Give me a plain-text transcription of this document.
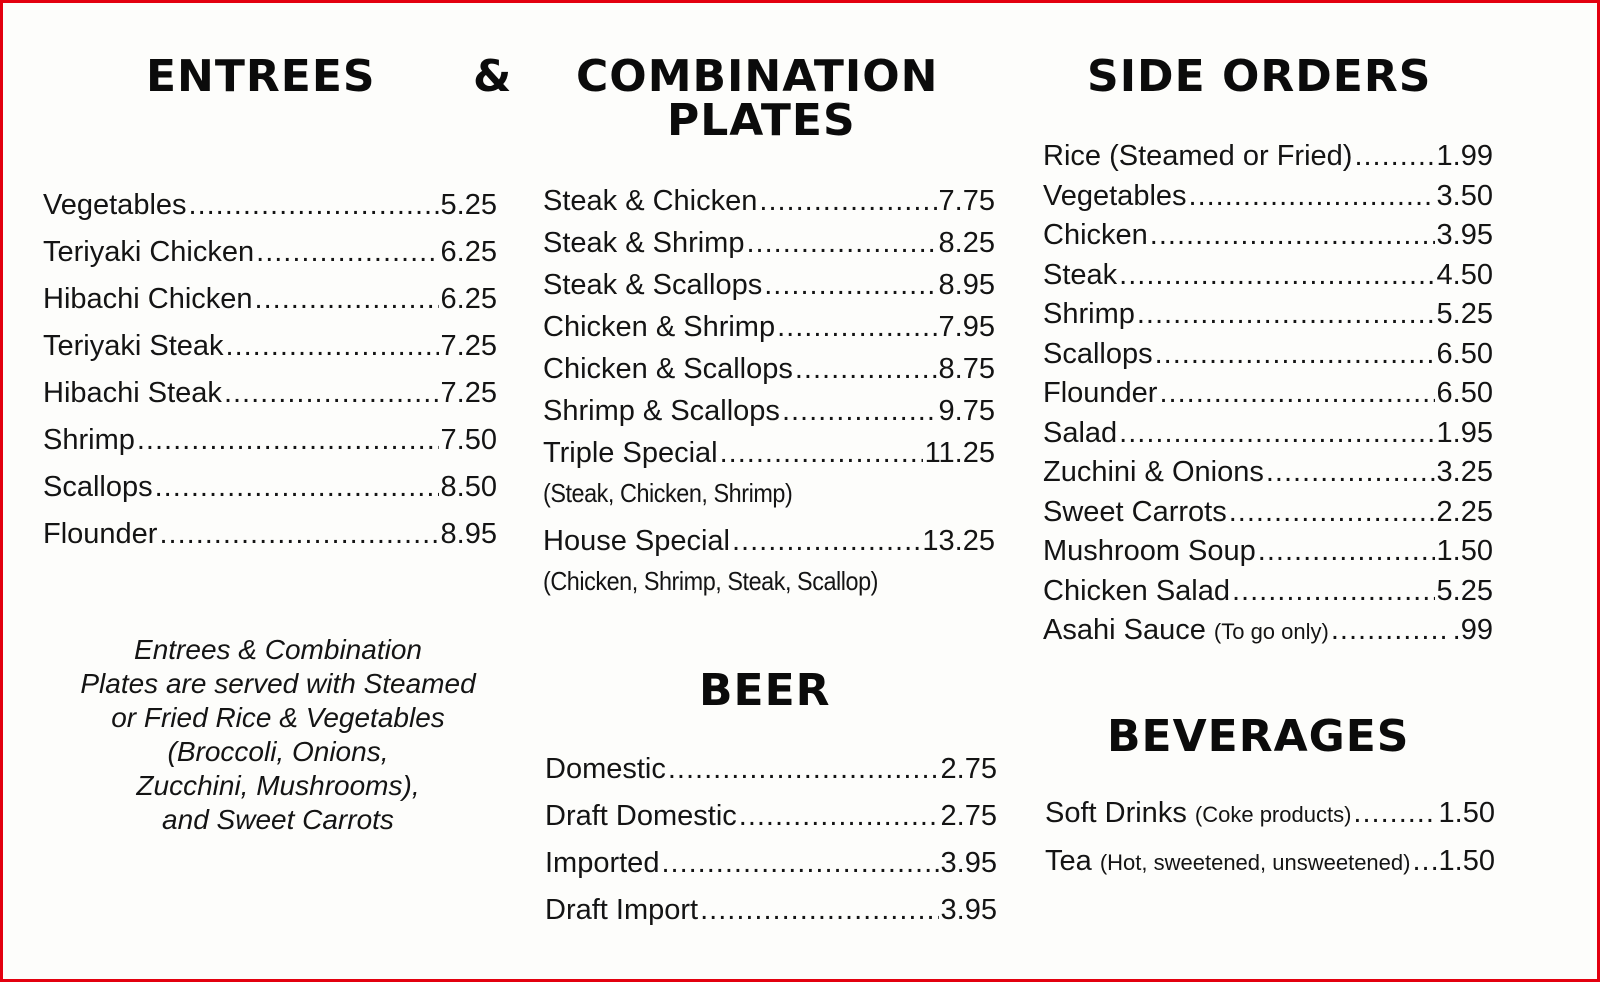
ENTREES & COMBINATION
PLATES
SIDE ORDERS
BEER
BEVERAGES
Vegetables .....	5.25
Teriyaki Chicken .....	6.25
Hibachi Chicken .....	6.25
Teriyaki Steak .....	7.25
Hibachi Steak .....	7.25
Shrimp .....	7.50
Scallops .....	8.50
Flounder .....	8.95

Entrees & Combination
Plates are served with Steamed
or Fried Rice & Vegetables
(Broccoli, Onions,
Zucchini, Mushrooms),
and Sweet Carrots

Steak & Chicken .....	7.75
Steak & Shrimp .....	8.25
Steak & Scallops .....	8.95
Chicken & Shrimp .....	7.95
Chicken & Scallops .....	8.75
Shrimp & Scallops .....	9.75
Triple Special .....	11.25
(Steak, Chicken, Shrimp)
House Special .....	13.25
(Chicken, Shrimp, Steak, Scallop)
Domestic .....	2.75
Draft Domestic .....	2.75
Imported .....	3.95
Draft Import .....	3.95
Rice (Steamed or Fried) .....	1.99
Vegetables .....	3.50
Chicken .....	3.95
Steak .....	4.50
Shrimp .....	5.25
Scallops .....	6.50
Flounder .....	6.50
Salad .....	1.95
Zuchini & Onions .....	3.25
Sweet Carrots .....	2.25
Mushroom Soup .....	1.50
Chicken Salad .....	5.25
Asahi Sauce (To go only) .....	.99
Soft Drinks (Coke products) .....	1.50
Tea (Hot, sweetened, unsweetened) ..... 1.50
